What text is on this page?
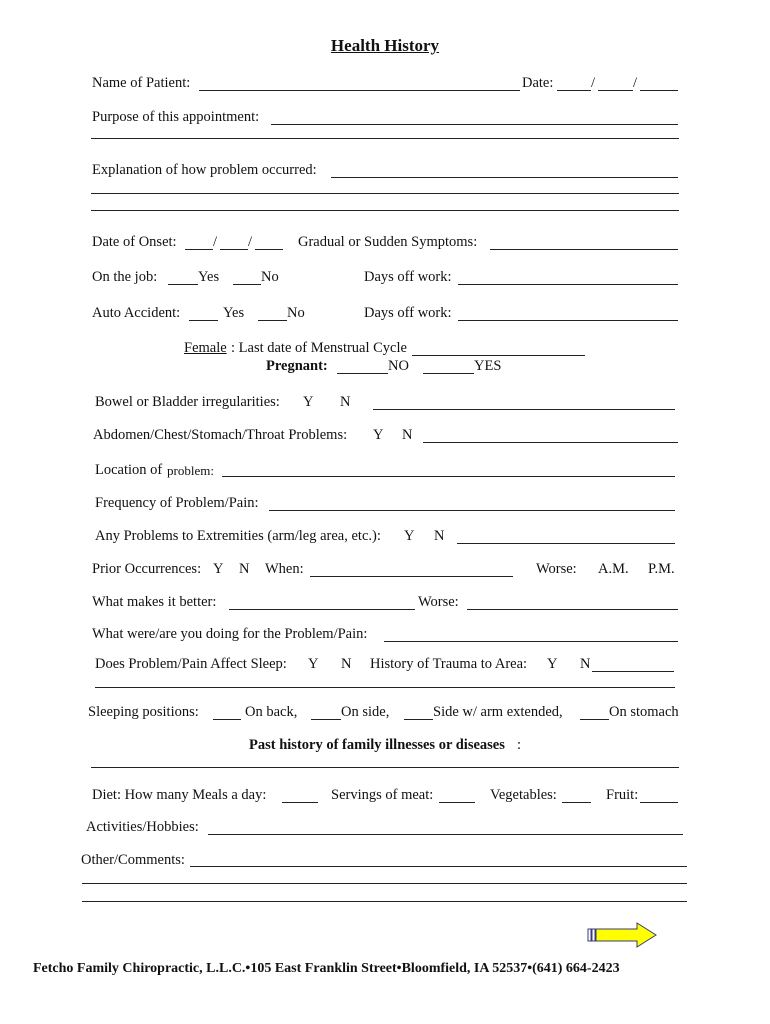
Health History
Name of Patient:	Date:	/	/
Purpose of this appointment:
Explanation of how problem occurred:
Date of Onset:	/ /	Gradual or Sudden Symptoms:
On the job:	Yes	No	Days off work:
Auto Accident:	Yes	No	Days off work:
Female : Last date of Menstrual Cycle
Pregnant:	NO	YES
Bowel or Bladder irregularities: Y N
Abdomen/Chest/Stomach/Throat Problems: Y N
Location of problem:
Frequency of Problem/Pain:
Any Problems to Extremities (arm/leg area, etc.): Y N
Prior Occurrences: Y N When:	Worse: A.M. P.M.
What makes it better:	Worse:
What were/are you doing for the Problem/Pain:
Does Problem/Pain Affect Sleep: Y N History of Trauma to Area: Y N
Sleeping positions:	On back,	On side,	Side w/ arm extended,	On stomach
Past history of family illnesses or diseases :
Diet: How many Meals a day:	Servings of meat:	Vegetables:	Fruit:
Activities/Hobbies:
Other/Comments:
Fetcho Family Chiropractic, L.L.C.•105 East Franklin Street•Bloomfield, IA 52537•(641) 664-2423
